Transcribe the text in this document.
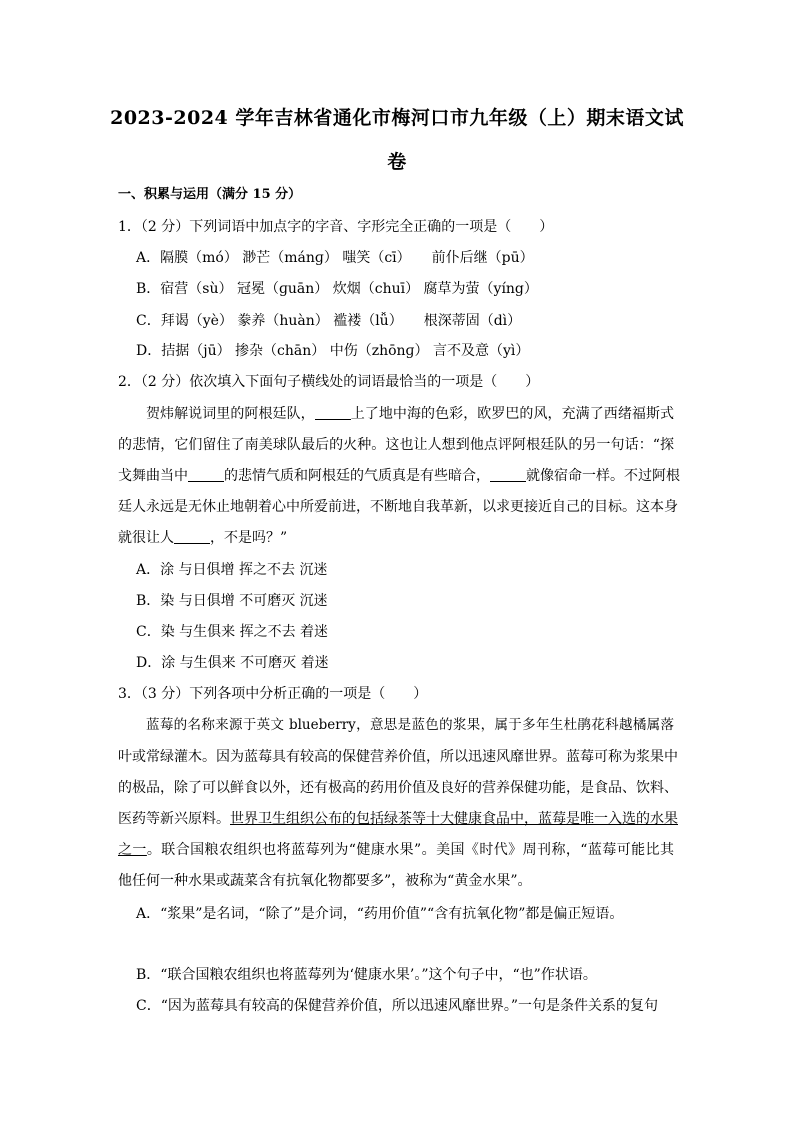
2023-2024 学年吉林省通化市梅河口市九年级（上）期末语文试
卷
一、积累与运用（满分 15 分）
1．（2 分）下列词语中加点字的字音、字形完全正确的一项是（　　）
A．隔膜（mó） 渺芒（mánɡ） 嗤笑（cī）　　前仆后继（pū）
B．宿营（sù） 冠冕（ɡuān） 炊烟（chuī） 腐草为萤（yíng）
C．拜谒（yè） 豢养（huàn） 褴褛（lǚ）　　根深蒂固（dì）
D．拮据（jū） 掺杂（chān） 中伤（zhōnɡ） 言不及意（yì）
2．（2 分）依次填入下面句子横线处的词语最恰当的一项是（　　）
贺炜解说词里的阿根廷队，	上了地中海的色彩，欧罗巴的风，充满了西绪福斯式
的悲情，它们留住了南美球队最后的火种。这也让人想到他点评阿根廷队的另一句话：“探
戈舞曲当中	的悲情气质和阿根廷的气质真是有些暗合，	就像宿命一样。不过阿根
廷人永远是无休止地朝着心中所爱前进，不断地自我革新，以求更接近自己的目标。这本身
就很让人	，不是吗？”
A．涂 与日俱增 挥之不去 沉迷
B．染 与日俱增 不可磨灭 沉迷
C．染 与生俱来 挥之不去 着迷
D．涂 与生俱来 不可磨灭 着迷
3．（3 分）下列各项中分析正确的一项是（　　）
蓝莓的名称来源于英文 blueberry，意思是蓝色的浆果，属于多年生杜鹃花科越橘属落
叶或常绿灌木。因为蓝莓具有较高的保健营养价值，所以迅速风靡世界。蓝莓可称为浆果中
的极品，除了可以鲜食以外，还有极高的药用价值及良好的营养保健功能，是食品、饮料、
医药等新兴原料。世界卫生组织公布的包括绿茶等十大健康食品中，蓝莓是唯一入选的水果
之一。联合国粮农组织也将蓝莓列为“健康水果”。美国《时代》周刊称，“蓝莓可能比其
他任何一种水果或蔬菜含有抗氧化物都要多”，被称为“黄金水果”。
A．“浆果”是名词，“除了”是介词，“药用价值”“含有抗氧化物”都是偏正短语。
B．“联合国粮农组织也将蓝莓列为‘健康水果’。”这个句子中，“也”作状语。
C．“因为蓝莓具有较高的保健营养价值，所以迅速风靡世界。”一句是条件关系的复句
